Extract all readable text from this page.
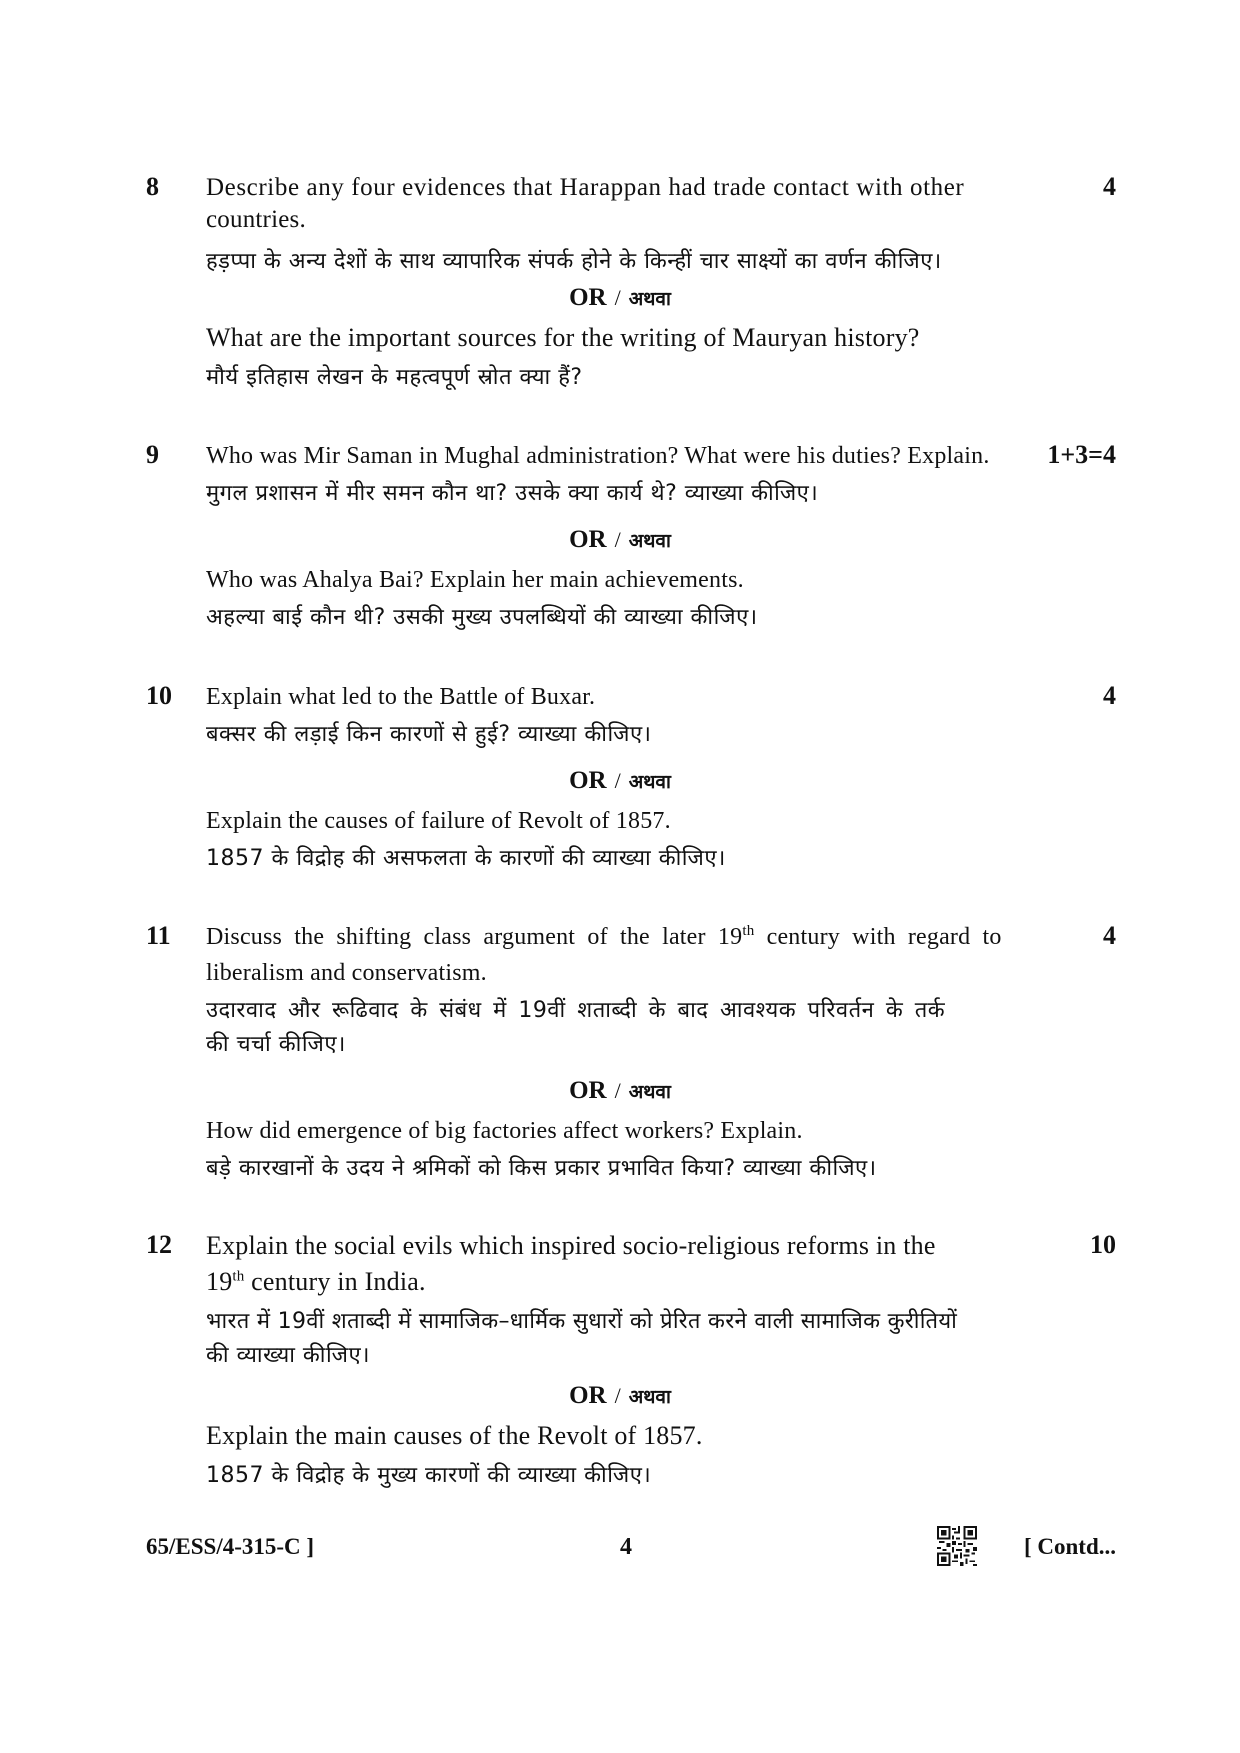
8	4
Describe any four evidences that Harappan had trade contact with other
countries.
हड़प्पा के अन्य देशों के साथ व्यापारिक संपर्क होने के किन्हीं चार साक्ष्यों का वर्णन कीजिए।
OR / अथवा
What are the important sources for the writing of Mauryan history?
मौर्य इतिहास लेखन के महत्वपूर्ण स्रोत क्या हैं?
9	1+3=4
Who was Mir Saman in Mughal administration? What were his duties? Explain.
मुगल प्रशासन में मीर समन कौन था? उसके क्या कार्य थे? व्याख्या कीजिए।
OR / अथवा
Who was Ahalya Bai? Explain her main achievements.
अहल्या बाई कौन थी? उसकी मुख्य उपलब्धियों की व्याख्या कीजिए।
10	4
Explain what led to the Battle of Buxar.
बक्सर की लड़ाई किन कारणों से हुई? व्याख्या कीजिए।
OR / अथवा
Explain the causes of failure of Revolt of 1857.
1857 के विद्रोह की असफलता के कारणों की व्याख्या कीजिए।
11	4
Discuss the shifting class argument of the later 19th century with regard to
liberalism and conservatism.
उदारवाद और रूढिवाद के संबंध में 19वीं शताब्दी के बाद आवश्यक परिवर्तन के तर्क
की चर्चा कीजिए।
OR / अथवा
How did emergence of big factories affect workers? Explain.
बड़े कारखानों के उदय ने श्रमिकों को किस प्रकार प्रभावित किया? व्याख्या कीजिए।
12	10
Explain the social evils which inspired socio-religious reforms in the
19th century in India.
भारत में 19वीं शताब्दी में सामाजिक–धार्मिक सुधारों को प्रेरित करने वाली सामाजिक कुरीतियों
की व्याख्या कीजिए।
OR / अथवा
Explain the main causes of the Revolt of 1857.
1857 के विद्रोह के मुख्य कारणों की व्याख्या कीजिए।
65/ESS/4-315-C ]	4	[ Contd...
